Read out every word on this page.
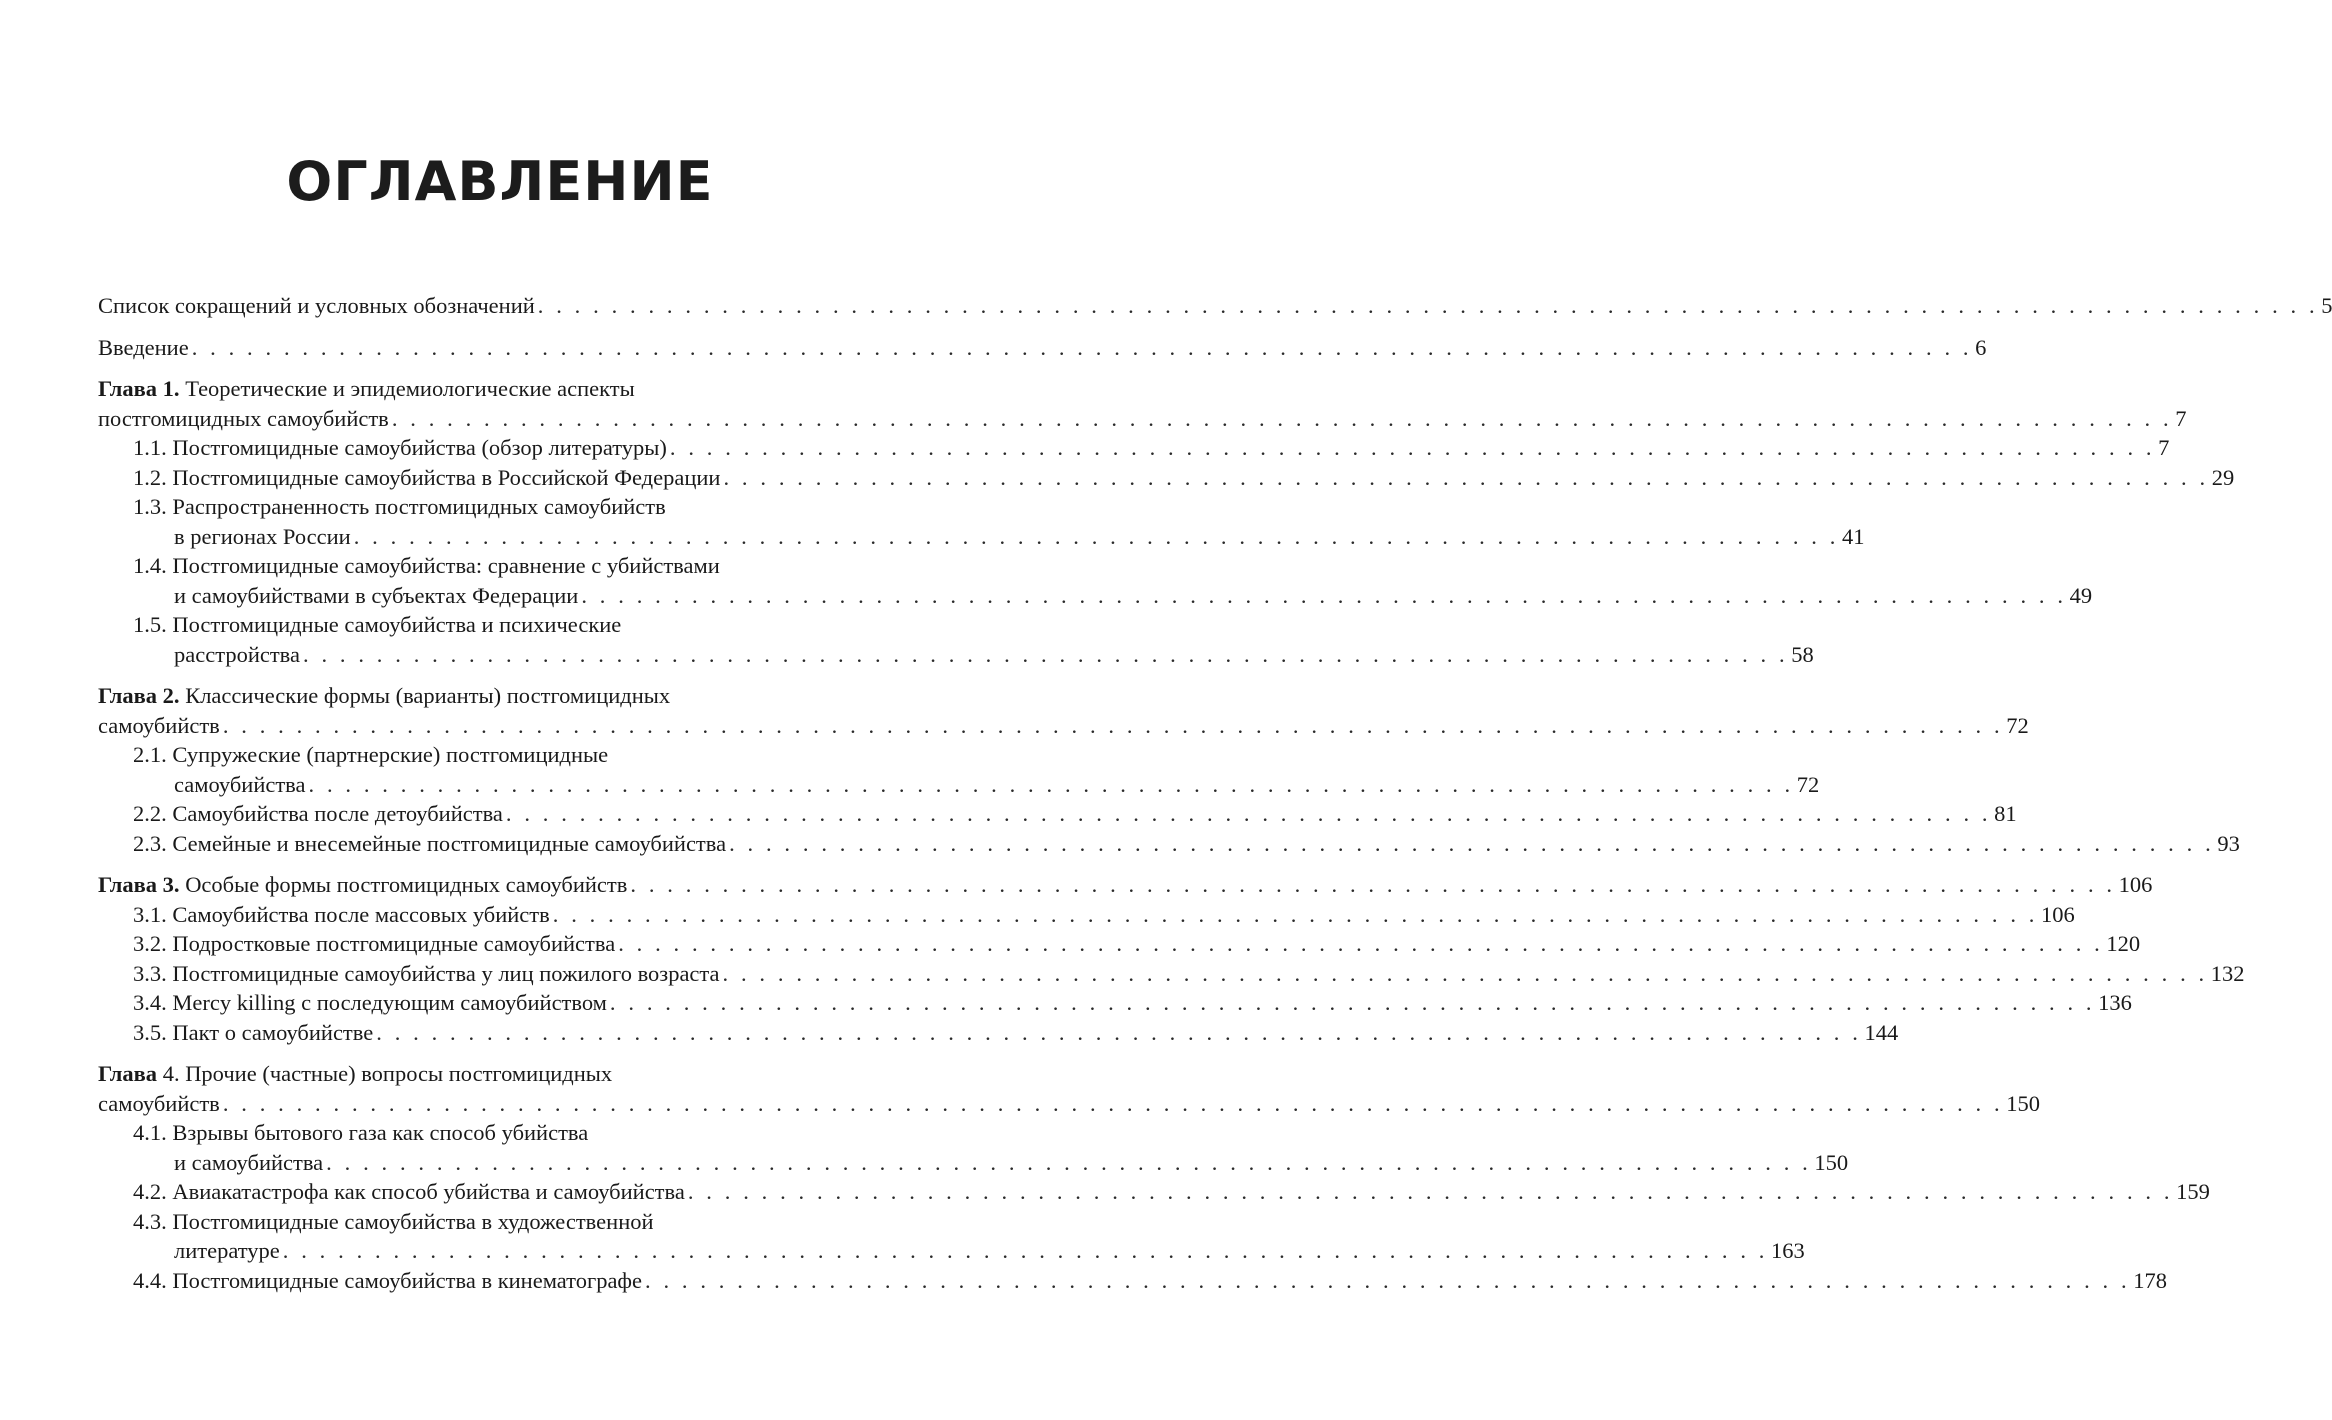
ОГЛАВЛЕНИЕ
Список сокращений и условных обозначений . . . . . . . . . . . . . . . . . . . . . . . . . . . . . . . . . . . . . . . . . . . . . . . . . . . . . . . . . . . . . . . . . . . . . . . . . . . . . . . . . . . . . . . . . . . . . . . . . 5
Введение . . . . . . . . . . . . . . . . . . . . . . . . . . . . . . . . . . . . . . . . . . . . . . . . . . . . . . . . . . . . . . . . . . . . . . . . . . . . . . . . . . . . . . . . . . . . . . . . . 6
Глава 1. Теоретические и эпидемиологические аспекты
постгомицидных самоубийств . . . . . . . . . . . . . . . . . . . . . . . . . . . . . . . . . . . . . . . . . . . . . . . . . . . . . . . . . . . . . . . . . . . . . . . . . . . . . . . . . . . . . . . . . . . . . . . . . 7
1.1. Постгомицидные самоубийства (обзор литературы) . . . . . . . . . . . . . . . . . . . . . . . . . . . . . . . . . . . . . . . . . . . . . . . . . . . . . . . . . . . . . . . . . . . . . . . . . . . . . . . . . 7
1.2. Постгомицидные самоубийства в Российской Федерации . . . . . . . . . . . . . . . . . . . . . . . . . . . . . . . . . . . . . . . . . . . . . . . . . . . . . . . . . . . . . . . . . . . . . . . . . . . . . . . . . 29
1.3. Распространенность постгомицидных самоубийств
в регионах России . . . . . . . . . . . . . . . . . . . . . . . . . . . . . . . . . . . . . . . . . . . . . . . . . . . . . . . . . . . . . . . . . . . . . . . . . . . . . . . . . 41
1.4. Постгомицидные самоубийства: сравнение с убийствами
и самоубийствами в субъектах Федерации . . . . . . . . . . . . . . . . . . . . . . . . . . . . . . . . . . . . . . . . . . . . . . . . . . . . . . . . . . . . . . . . . . . . . . . . . . . . . . . . . 49
1.5. Постгомицидные самоубийства и психические
расстройства . . . . . . . . . . . . . . . . . . . . . . . . . . . . . . . . . . . . . . . . . . . . . . . . . . . . . . . . . . . . . . . . . . . . . . . . . . . . . . . . . 58
Глава 2. Классические формы (варианты) постгомицидных
самоубийств . . . . . . . . . . . . . . . . . . . . . . . . . . . . . . . . . . . . . . . . . . . . . . . . . . . . . . . . . . . . . . . . . . . . . . . . . . . . . . . . . . . . . . . . . . . . . . . . . 72
2.1. Супружеские (партнерские) постгомицидные
самоубийства . . . . . . . . . . . . . . . . . . . . . . . . . . . . . . . . . . . . . . . . . . . . . . . . . . . . . . . . . . . . . . . . . . . . . . . . . . . . . . . . . 72
2.2. Самоубийства после детоубийства . . . . . . . . . . . . . . . . . . . . . . . . . . . . . . . . . . . . . . . . . . . . . . . . . . . . . . . . . . . . . . . . . . . . . . . . . . . . . . . . . 81
2.3. Семейные и внесемейные постгомицидные самоубийства . . . . . . . . . . . . . . . . . . . . . . . . . . . . . . . . . . . . . . . . . . . . . . . . . . . . . . . . . . . . . . . . . . . . . . . . . . . . . . . . . 93
Глава 3. Особые формы постгомицидных самоубийств . . . . . . . . . . . . . . . . . . . . . . . . . . . . . . . . . . . . . . . . . . . . . . . . . . . . . . . . . . . . . . . . . . . . . . . . . . . . . . . . . 106
3.1. Самоубийства после массовых убийств . . . . . . . . . . . . . . . . . . . . . . . . . . . . . . . . . . . . . . . . . . . . . . . . . . . . . . . . . . . . . . . . . . . . . . . . . . . . . . . . . 106
3.2. Подростковые постгомицидные самоубийства . . . . . . . . . . . . . . . . . . . . . . . . . . . . . . . . . . . . . . . . . . . . . . . . . . . . . . . . . . . . . . . . . . . . . . . . . . . . . . . . . 120
3.3. Постгомицидные самоубийства у лиц пожилого возраста . . . . . . . . . . . . . . . . . . . . . . . . . . . . . . . . . . . . . . . . . . . . . . . . . . . . . . . . . . . . . . . . . . . . . . . . . . . . . . . . . 132
3.4. Mercy killing с последующим самоубийством . . . . . . . . . . . . . . . . . . . . . . . . . . . . . . . . . . . . . . . . . . . . . . . . . . . . . . . . . . . . . . . . . . . . . . . . . . . . . . . . . 136
3.5. Пакт о самоубийстве . . . . . . . . . . . . . . . . . . . . . . . . . . . . . . . . . . . . . . . . . . . . . . . . . . . . . . . . . . . . . . . . . . . . . . . . . . . . . . . . . 144
Глава 4. Прочие (частные) вопросы постгомицидных
самоубийств . . . . . . . . . . . . . . . . . . . . . . . . . . . . . . . . . . . . . . . . . . . . . . . . . . . . . . . . . . . . . . . . . . . . . . . . . . . . . . . . . . . . . . . . . . . . . . . . . 150
4.1. Взрывы бытового газа как способ убийства
и самоубийства . . . . . . . . . . . . . . . . . . . . . . . . . . . . . . . . . . . . . . . . . . . . . . . . . . . . . . . . . . . . . . . . . . . . . . . . . . . . . . . . . 150
4.2. Авиакатастрофа как способ убийства и самоубийства . . . . . . . . . . . . . . . . . . . . . . . . . . . . . . . . . . . . . . . . . . . . . . . . . . . . . . . . . . . . . . . . . . . . . . . . . . . . . . . . . 159
4.3. Постгомицидные самоубийства в художественной
литературе . . . . . . . . . . . . . . . . . . . . . . . . . . . . . . . . . . . . . . . . . . . . . . . . . . . . . . . . . . . . . . . . . . . . . . . . . . . . . . . . . 163
4.4. Постгомицидные самоубийства в кинематографе . . . . . . . . . . . . . . . . . . . . . . . . . . . . . . . . . . . . . . . . . . . . . . . . . . . . . . . . . . . . . . . . . . . . . . . . . . . . . . . . . 178
